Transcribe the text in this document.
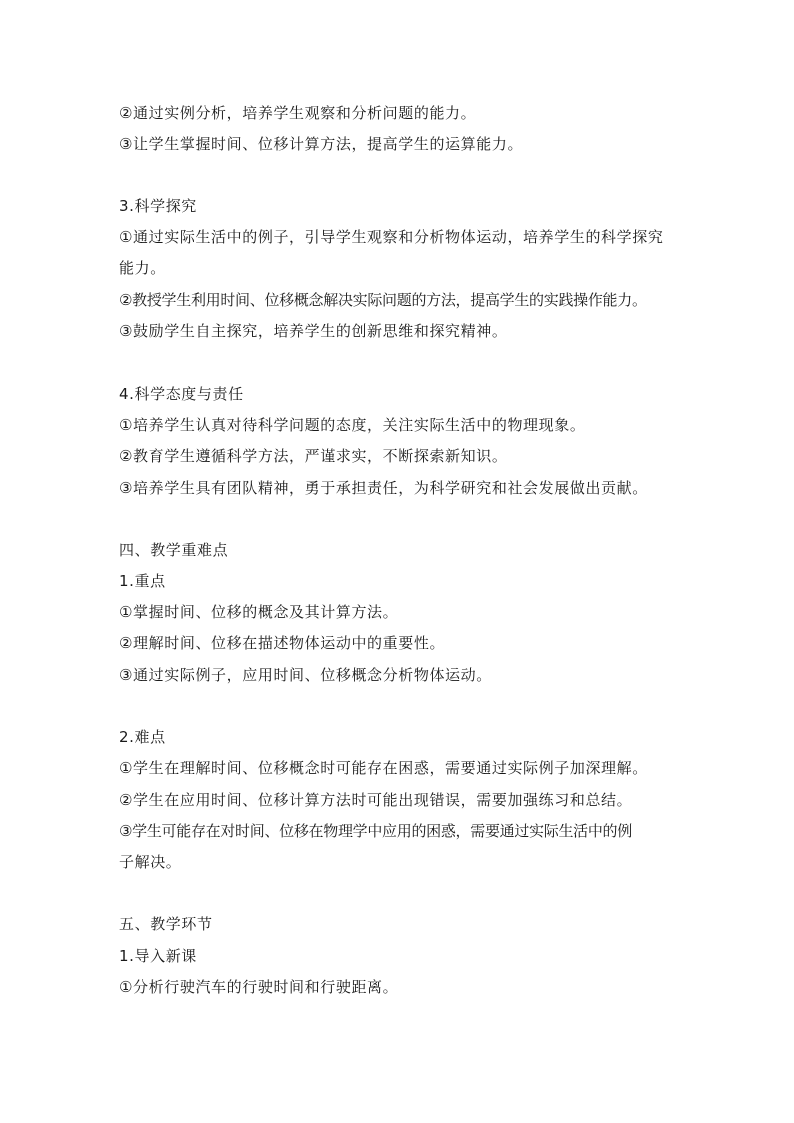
②通过实例分析，培养学生观察和分析问题的能力。
③让学生掌握时间、位移计算方法，提高学生的运算能力。
3.科学探究
①通过实际生活中的例子，引导学生观察和分析物体运动，培养学生的科学探究
能力。
②教授学生利用时间、位移概念解决实际问题的方法，提高学生的实践操作能力。
③鼓励学生自主探究，培养学生的创新思维和探究精神。
4.科学态度与责任
①培养学生认真对待科学问题的态度，关注实际生活中的物理现象。
②教育学生遵循科学方法，严谨求实，不断探索新知识。
③培养学生具有团队精神，勇于承担责任，为科学研究和社会发展做出贡献。
四、教学重难点
1.重点
①掌握时间、位移的概念及其计算方法。
②理解时间、位移在描述物体运动中的重要性。
③通过实际例子，应用时间、位移概念分析物体运动。
2.难点
①学生在理解时间、位移概念时可能存在困惑，需要通过实际例子加深理解。
②学生在应用时间、位移计算方法时可能出现错误，需要加强练习和总结。
③学生可能存在对时间、位移在物理学中应用的困惑，需要通过实际生活中的例
子解决。
五、教学环节
1.导入新课
①分析行驶汽车的行驶时间和行驶距离。
